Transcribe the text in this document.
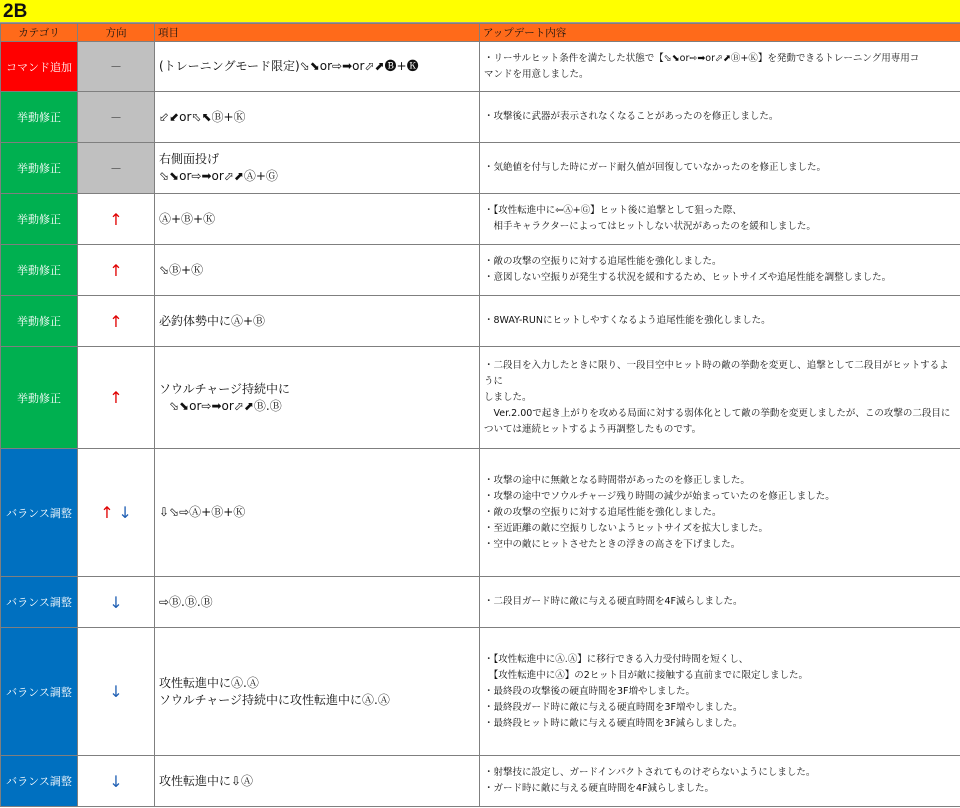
2B
カテゴリ	方向	項目	アップデート内容
コマンド追加	－	(トレーニングモード限定)⬂⬊or⇨➡or⬀⬈🅑+🅚	・リーサルヒット条件を満たした状態で【⬂⬊or⇨➡or⬀⬈Ⓑ+Ⓚ】を発動できるトレーニング用専用コ
マンドを用意しました。

挙動修正	－	⬃⬋or⬁⬉Ⓑ+Ⓚ	・攻撃後に武器が表示されなくなることがあったのを修正しました。

挙動修正	－	右側面投げ
⬂⬊or⇨➡or⬀⬈Ⓐ+Ⓖ	・気絶値を付与した時にガード耐久値が回復していなかったのを修正しました。

挙動修正	↑	Ⓐ+Ⓑ+Ⓚ	・【攻性転進中に⇦Ⓐ+Ⓖ】ヒット後に追撃として狙った際、
　相手キャラクターによってはヒットしない状況があったのを緩和しました。

挙動修正	↑	⬂Ⓑ+Ⓚ	・敵の攻撃の空振りに対する追尾性能を強化しました。
・意図しない空振りが発生する状況を緩和するため、ヒットサイズや追尾性能を調整しました。

挙動修正	↑	必釣体勢中にⒶ+Ⓑ	・8WAY-RUNにヒットしやすくなるよう追尾性能を強化しました。

挙動修正	↑	ソウルチャージ持続中に
⬂⬊or⇨➡or⬀⬈Ⓑ.Ⓑ	・二段目を入力したときに限り、一段目空中ヒット時の敵の挙動を変更し、追撃として二段目がヒットするように
しました。
　Ver.2.00で起き上がりを攻める局面に対する弱体化として敵の挙動を変更しましたが、この攻撃の二段目に
ついては連続ヒットするよう再調整したものです。

バランス調整	↑ ↓	⇩⬂⇨Ⓐ+Ⓑ+Ⓚ	・攻撃の途中に無敵となる時間帯があったのを修正しました。
・攻撃の途中でソウルチャージ残り時間の減少が始まっていたのを修正しました。
・敵の攻撃の空振りに対する追尾性能を強化しました。
・至近距離の敵に空振りしないようヒットサイズを拡大しました。
・空中の敵にヒットさせたときの浮きの高さを下げました。

バランス調整	↓	⇨Ⓑ.Ⓑ.Ⓑ	・二段目ガード時に敵に与える硬直時間を4F減らしました。

バランス調整	↓	攻性転進中にⒶ.Ⓐ
ソウルチャージ持続中に攻性転進中にⒶ.Ⓐ	・【攻性転進中にⒶ.Ⓐ】に移行できる入力受付時間を短くし、
　【攻性転進中にⒶ】の2ヒット目が敵に接触する直前までに限定しました。
・最終段の攻撃後の硬直時間を3F増やしました。
・最終段ガード時に敵に与える硬直時間を3F増やしました。
・最終段ヒット時に敵に与える硬直時間を3F減らしました。

バランス調整	↓	攻性転進中に⇩Ⓐ	・射撃技に設定し、ガードインパクトされてものけぞらないようにしました。
・ガード時に敵に与える硬直時間を4F減らしました。
